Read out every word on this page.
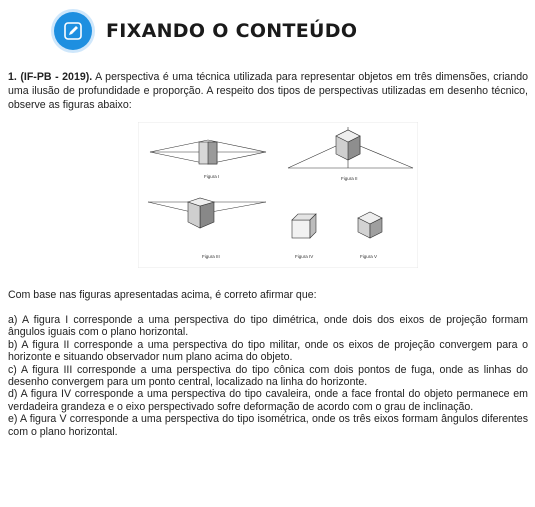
FIXANDO O CONTEÚDO
1. (IF-PB - 2019). A perspectiva é uma técnica utilizada para representar objetos em três dimensões, criando uma ilusão de profundidade e proporção. A respeito dos tipos de perspectivas utilizadas em desenho técnico, observe as figuras abaixo:
Figura I	Figura II
Figura III	Figura IV	Figura V
Com base nas figuras apresentadas acima, é correto afirmar que:

a) A figura I corresponde a uma perspectiva do tipo dimétrica, onde dois dos eixos de projeção formam ângulos iguais com o plano horizontal.

b) A figura II corresponde a uma perspectiva do tipo militar, onde os eixos de projeção convergem para o horizonte e situando observador num plano acima do objeto.

c) A figura III corresponde a uma perspectiva do tipo cônica com dois pontos de fuga, onde as linhas do desenho convergem para um ponto central, localizado na linha do horizonte.

d) A figura IV corresponde a uma perspectiva do tipo cavaleira, onde a face frontal do objeto permanece em verdadeira grandeza e o eixo perspectivado sofre deformação de acordo com o grau de inclinação.

e) A figura V corresponde a uma perspectiva do tipo isométrica, onde os três eixos formam ângulos diferentes com o plano horizontal.
